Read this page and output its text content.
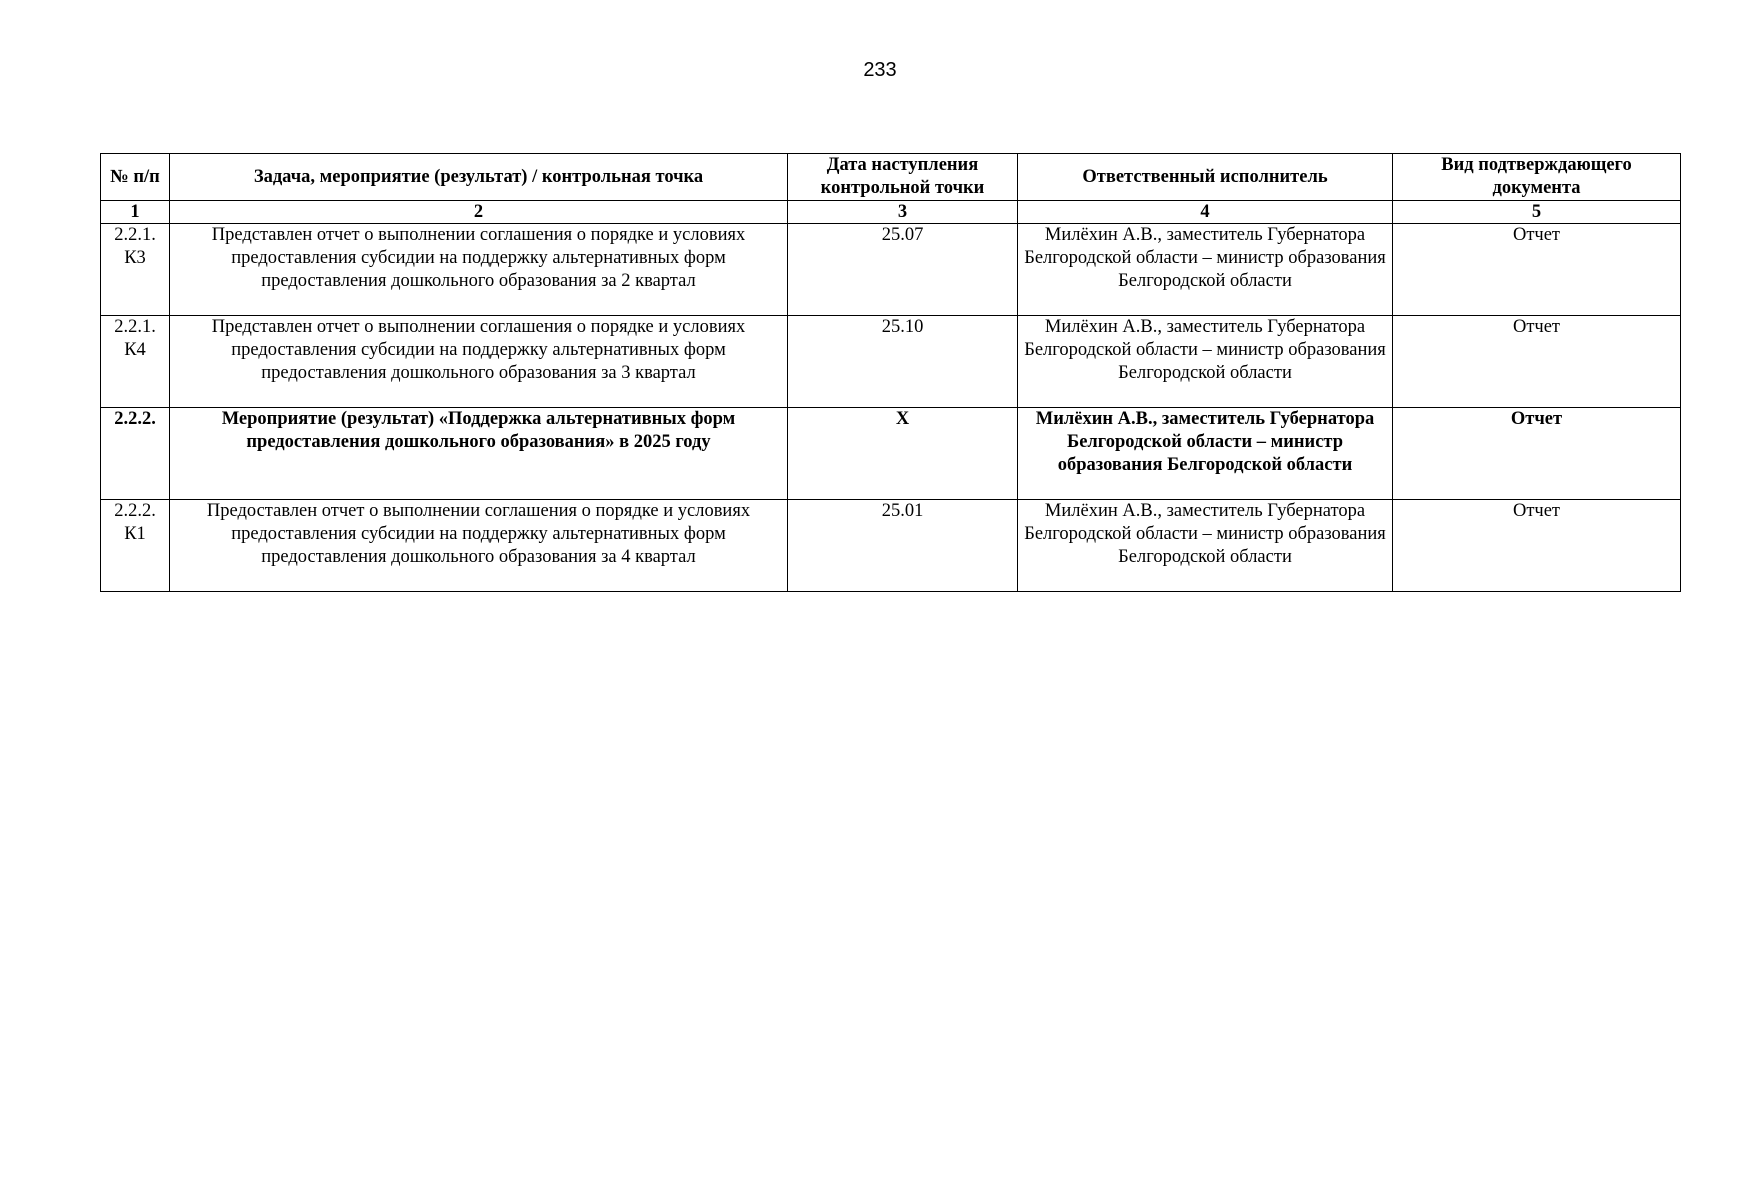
233
№ п/п	Задача, мероприятие (результат) / контрольная точка	Дата наступления контрольной точки	Ответственный исполнитель	Вид подтверждающего документа
1	2	3	4	5
2.2.1. К3	Представлен отчет о выполнении соглашения о порядке и условиях предоставления субсидии на поддержку альтернативных форм предоставления дошкольного образования за 2 квартал	25.07	Милёхин А.В., заместитель Губернатора Белгородской области – министр образования Белгородской области	Отчет
2.2.1. К4	Представлен отчет о выполнении соглашения о порядке и условиях предоставления субсидии на поддержку альтернативных форм предоставления дошкольного образования за 3 квартал	25.10	Милёхин А.В., заместитель Губернатора Белгородской области – министр образования Белгородской области	Отчет
2.2.2.	Мероприятие (результат) «Поддержка альтернативных форм предоставления дошкольного образования» в 2025 году	Х	Милёхин А.В., заместитель Губернатора Белгородской области – министр образования Белгородской области	Отчет
2.2.2. К1	Предоставлен отчет о выполнении соглашения о порядке и условиях предоставления субсидии на поддержку альтернативных форм предоставления дошкольного образования за 4 квартал	25.01	Милёхин А.В., заместитель Губернатора Белгородской области – министр образования Белгородской области	Отчет
